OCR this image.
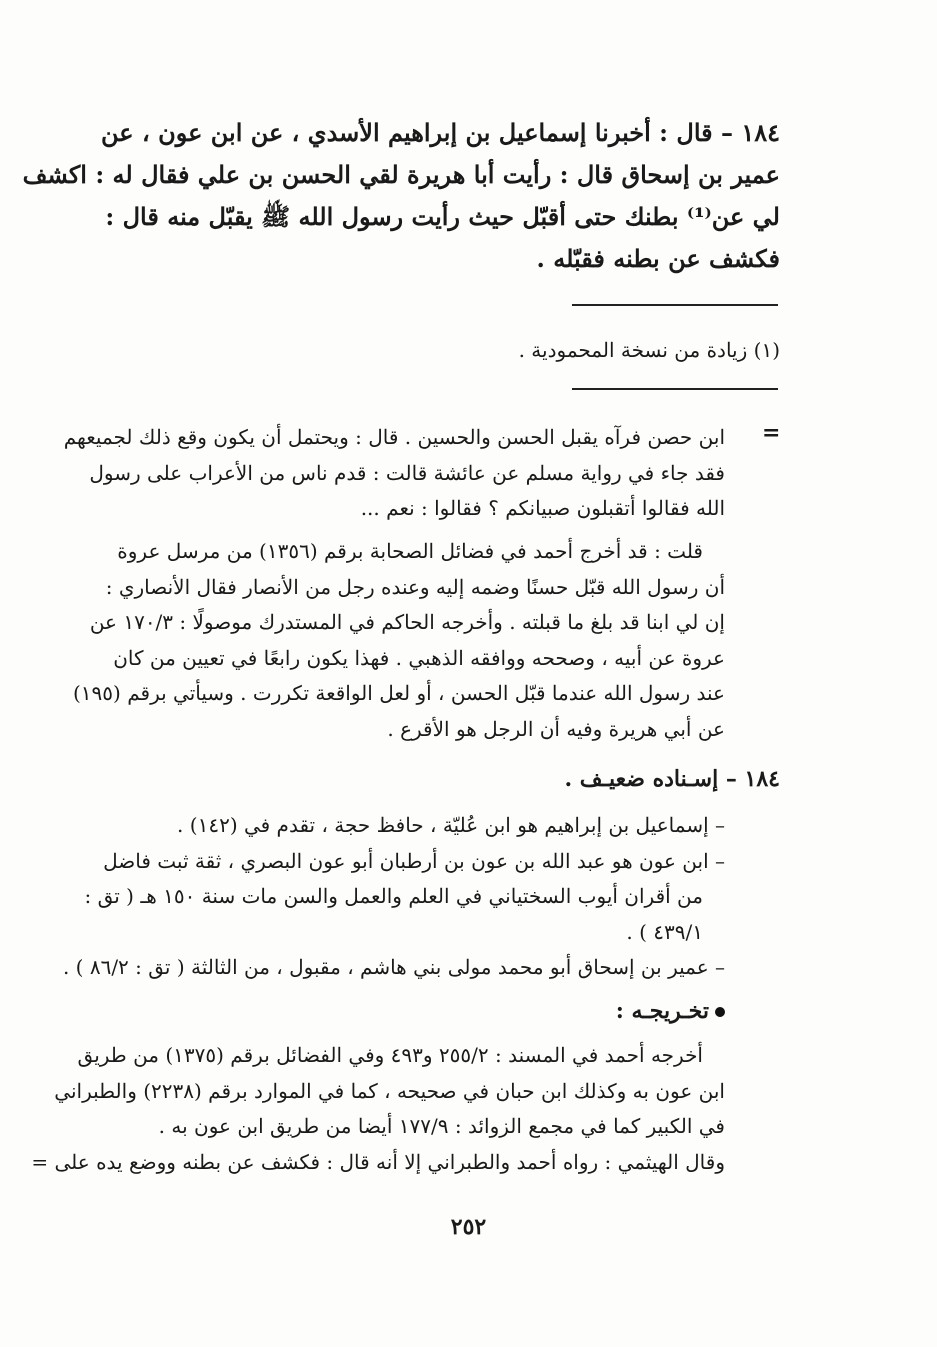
١٨٤ – قال : أخبرنا إسماعيل بن إبراهيم الأسدي ، عن ابن عون ، عن
عمير بن إسحاق قال : رأيت أبا هريرة لقي الحسن بن علي فقال له : اكشف
لي عن⁽¹⁾ بطنك حتى أقبّل حيث رأيت رسول الله ﷺ يقبّل منه قال :
فكشف عن بطنه فقبّله .
(١) زيادة من نسخة المحمودية .
=
ابن حصن فرآه يقبل الحسن والحسين . قال : ويحتمل أن يكون وقع ذلك لجميعهم
فقد جاء في رواية مسلم عن عائشة قالت : قدم ناس من الأعراب على رسول
الله فقالوا أتقبلون صبيانكم ؟ فقالوا : نعم ...
قلت : قد أخرج أحمد في فضائل الصحابة برقم (١٣٥٦) من مرسل عروة
أن رسول الله قبّل حسنًا وضمه إليه وعنده رجل من الأنصار فقال الأنصاري :
إن لي ابنا قد بلغ ما قبلته . وأخرجه الحاكم في المستدرك موصولًا : ١٧٠/٣ عن
عروة عن أبيه ، وصححه ووافقه الذهبي . فهذا يكون رابعًا في تعيين من كان
عند رسول الله عندما قبّل الحسن ، أو لعل الواقعة تكررت . وسيأتي برقم (١٩٥)
عن أبي هريرة وفيه أن الرجل هو الأقرع .
١٨٤ – إسـناده ضعيـف .
– إسماعيل بن إبراهيم هو ابن عُليّة ، حافظ حجة ، تقدم في (١٤٢) .
– ابن عون هو عبد الله بن عون بن أرطبان أبو عون البصري ، ثقة ثبت فاضل
من أقران أيوب السختياني في العلم والعمل والسن مات سنة ١٥٠ هـ ( تق :
٤٣٩/١ ) .
– عمير بن إسحاق أبو محمد مولى بني هاشم ، مقبول ، من الثالثة ( تق : ٨٦/٢ ) .
تخـريجـه :
أخرجه أحمد في المسند : ٢٥٥/٢ و٤٩٣ وفي الفضائل برقم (١٣٧٥) من طريق
ابن عون به وكذلك ابن حبان في صحيحه ، كما في الموارد برقم (٢٢٣٨) والطبراني
في الكبير كما في مجمع الزوائد : ١٧٧/٩ أيضا من طريق ابن عون به .
وقال الهيثمي : رواه أحمد والطبراني إلا أنه قال : فكشف عن بطنه ووضع يده على =
٢٥٢
